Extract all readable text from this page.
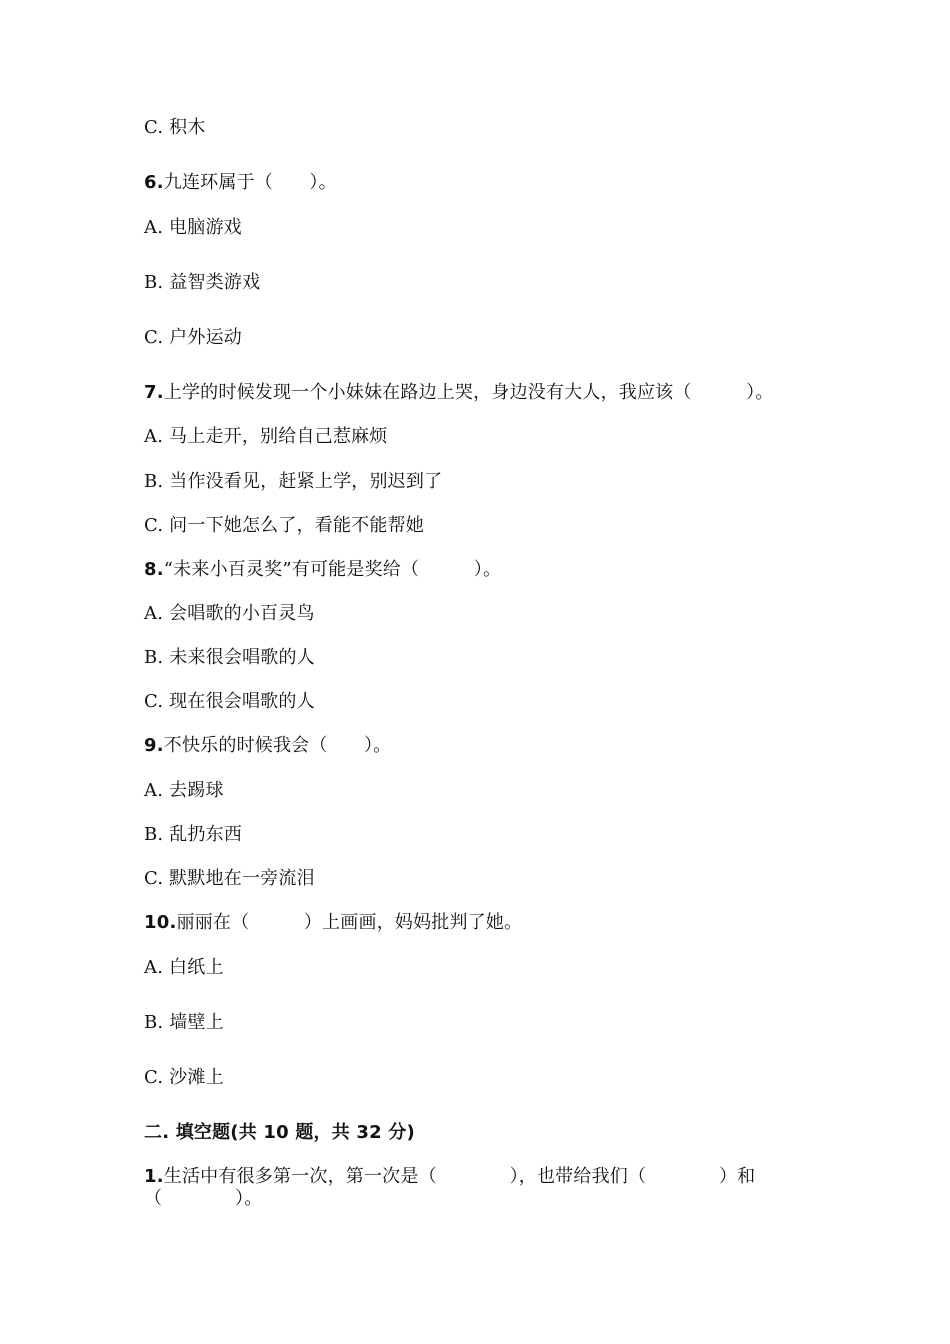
C. 积木
6.九连环属于（　　）。
A. 电脑游戏
B. 益智类游戏
C. 户外运动
7.上学的时候发现一个小妹妹在路边上哭，身边没有大人，我应该（　　　）。
A. 马上走开，别给自己惹麻烦
B. 当作没看见，赶紧上学，别迟到了
C. 问一下她怎么了，看能不能帮她
8.“未来小百灵奖”有可能是奖给（　　　）。
A. 会唱歌的小百灵鸟
B. 未来很会唱歌的人
C. 现在很会唱歌的人
9.不快乐的时候我会（　　）。
A. 去踢球
B. 乱扔东西
C. 默默地在一旁流泪
10.丽丽在（　　　）上画画，妈妈批判了她。
A. 白纸上
B. 墙壁上
C. 沙滩上
二. 填空题(共 10 题，共 32 分)
1.生活中有很多第一次，第一次是（　　　　），也带给我们（　　　　）和
（　　　　）。
